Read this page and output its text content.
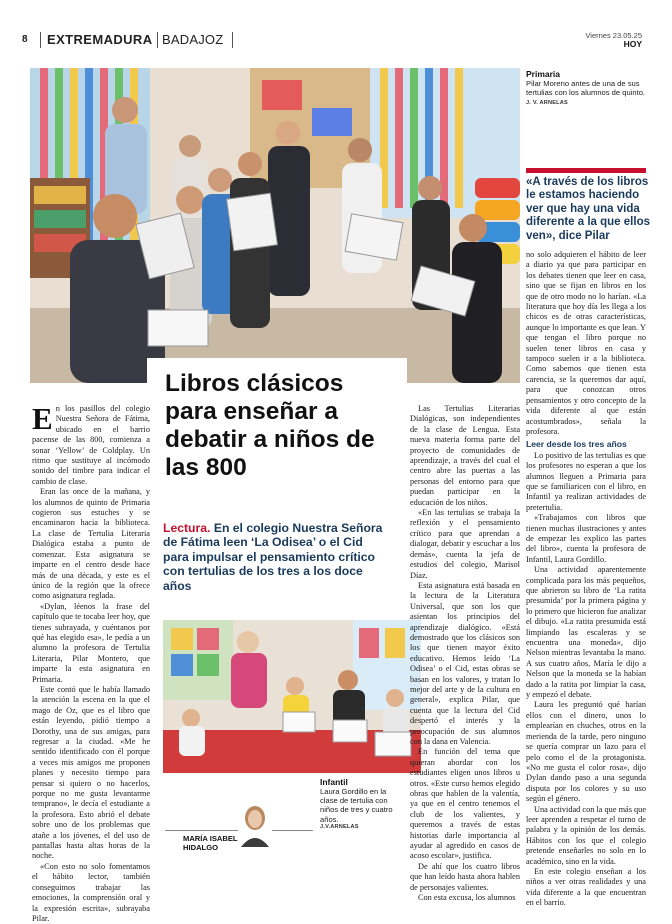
8 EXTREMADURA BADAJOZ	Viernes 23.05.25
HOY
Primaria
Pilar Moreno antes de una de sus tertulias con los alumnos de quinto. J. V. ARNELAS
«A través de los libros le estamos haciendo ver que hay una vida diferente a la que ellos ven», dice Pilar
Libros clásicos para enseñar a debatir a niños de las 800
Lectura. En el colegio Nuestra Señora de Fátima leen ‘La Odisea’ o el Cid para impulsar el pensamiento crítico con tertulias de los tres a los doce años

En los pasillos del colegio Nuestra Señora de Fátima, ubicado en el barrio pacense de las 800, comienza a sonar ‘Yellow’ de Coldplay. Un ritmo que sustituye al incómodo sonido del timbre para indicar el cambio de clase.

Eran las once de la mañana, y los alumnos de quinto de Primaria cogieron sus estuches y se encaminaron hacia la biblioteca. La clase de Tertulia Literaria Dialógica estaba a punto de comenzar. Esta asignatura se imparte en el centro desde hace más de una década, y este es el único de la región que la ofrece como asignatura reglada.

«Dylan, léenos la frase del capítulo que te tocaba leer hoy, que tienes subrayada, y cuéntanos por qué has elegido esa», le pedía a un alumno la profesora de Tertulia Literaria, Pilar Montero, que imparte la esta asignatura en Primaria.

Este contó que le había llamado la atención la escena en la que el mago de Oz, que es el libro que están leyendo, pidió tiempo a Dorothy, una de sus amigas, para regresar a la ciudad. «Me he sentido identificado con él porque a veces mis amigos me proponen planes y necesito tiempo para pensar si quiero o no hacerlos, porque no me gusta levantarme temprano», le decía el estudiante a la profesora. Esto abrió el debate sobre uno de los problemas que atañe a los jóvenes, el del uso de pantallas hasta altas horas de la noche.

«Con esto no solo fomentamos el hábito lector, también conseguimos trabajar las emociones, la comprensión oral y la expresión escrita», subrayaba Pilar.

Infantil
Laura Gordillo en la clase de tertulia con niños de tres y cuatro años.
J.V.ARNELAS
MARÍA ISABEL
HIDALGO

Las Tertulias Literarias Dialógicas, son independientes de la clase de Lengua. Esta nueva materia forma parte del proyecto de comunidades de aprendizaje, a través del cual el centro abre las puertas a las personas del entorno para que puedan participar en la educación de los niños.

«En las tertulias se trabaja la reflexión y el pensamiento crítico para que aprendan a dialogar, debatir y escuchar a los demás», cuenta la jefa de estudios del colegio, Marisol Díaz.

Esta asignatura está basada en la lectura de la Literatura Universal, que son los que asientan los principios del aprendizaje dialógico. «Está demostrado que los clásicos son los que tienen mayor éxito educativo. Hemos leído ‘La Odisea’ o el Cid, estas obras se basan en los valores, y tratan lo mejor del arte y de la cultura en general», explica Pilar, que cuenta que la lectura del Cid despertó el interés y la preocupación de sus alumnos con la dana en Valencia.

En función del tema que quieran abordar con los estudiantes eligen unos libros u otros. «Este curso hemos elegido obras que hablen de la valentía, ya que en el centro tenemos el club de los valientes, y queremos a través de estas historias darle importancia al ayudar al agredido en casos de acoso escolar», justifica.

De ahí que los cuatro libros que han leído hasta ahora hablen de personajes valientes.

Con esta excusa, los alumnos

no solo adquieren el hábito de leer a diario ya que para participar en los debates tienen que leer en casa, sino que se fijan en libros en los que de otro modo no lo harían. «La literatura que hoy día les llega a los chicos es de otras características, aunque lo importante es que lean. Y que tengan el libro porque no suelen tener libros en casa y tampoco suelen ir a la biblioteca. Como sabemos que tienen esta carencia, se la queremos dar aquí, para que conozcan otros pensamientos y otro concepto de la vida diferente al que están acostumbrados», señala la profesora.

Leer desde los tres años

Lo positivo de las tertulias es que los profesores no esperan a que los alumnos lleguen a Primaria para que se familiaricen con el libro, en Infantil ya realizan actividades de pretertulia.

«Trabajamos con libros que tienen muchas ilustraciones y antes de empezar les explico las partes del libro», cuenta la profesora de Infantil, Laura Gordillo.

Una actividad aparentemente complicada para los más pequeños, que abrieron su libro de ‘La ratita presumida’ por la primera página y lo primero que hicieron fue analizar el dibujo. «La ratita presumida está limpiando las escaleras y se encuentra una moneda», dijo Nelson mientras levantaba la mano. A sus cuatro años, María le dijo a Nelson que la moneda se la habían dado a la ratita por limpiar la casa, y empezó el debate.

Laura les preguntó qué harían ellos con el dinero, unos lo emplearían en chuches, otros en la merienda de la tarde, pero ninguno se quería comprar un lazo para el pelo como el de la protagonista. «No me gusta el color rosa», dijo Dylan dando paso a una segunda disputa por los colores y su uso según el género.

Una actividad con la que más que leer aprenden a respetar el turno de palabra y la opinión de los demás. Hábitos con los que el colegio pretende enseñarles no solo en lo académico, sino en la vida.

En este colegio enseñan a los niños a ver otras realidades y una vida diferente a la que encuentran en el barrio.
